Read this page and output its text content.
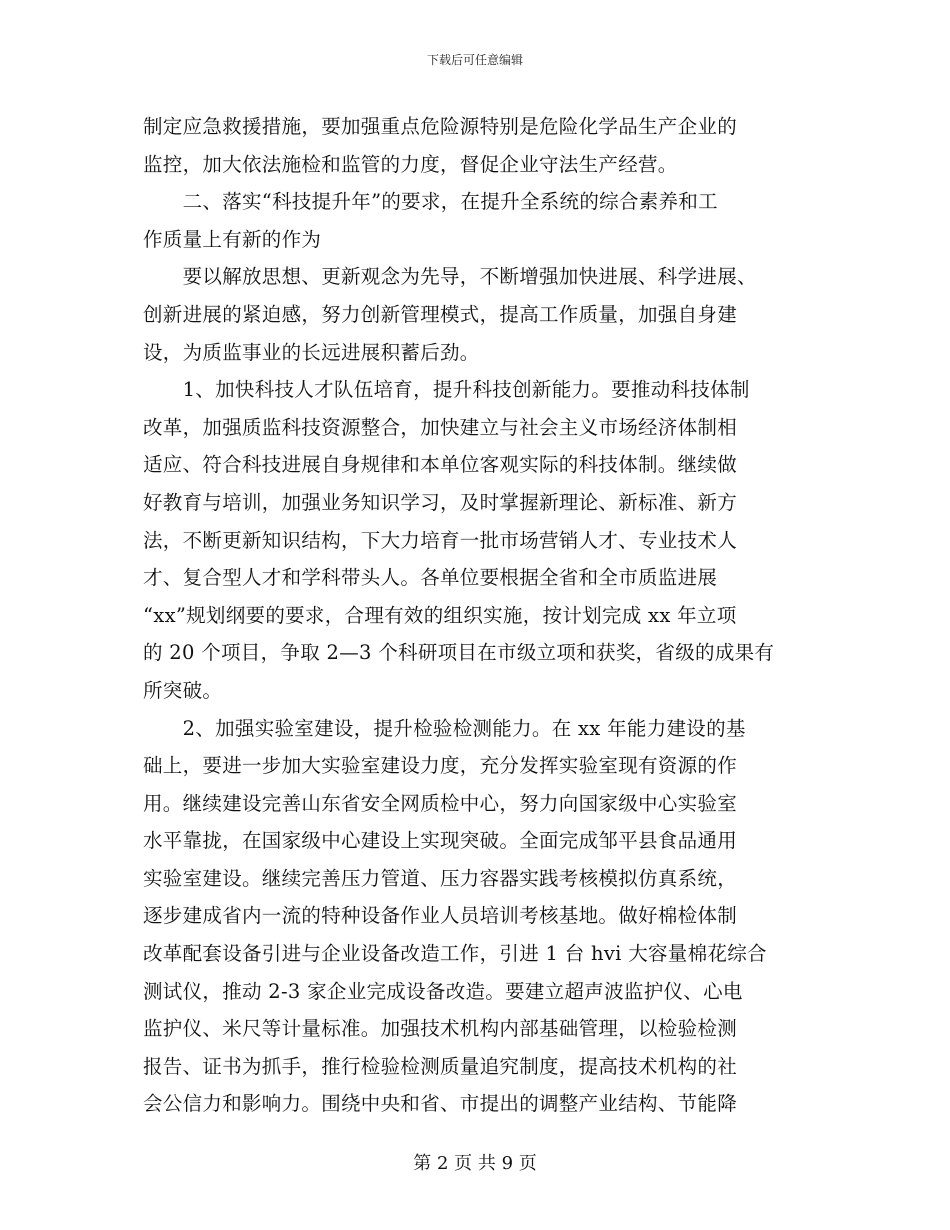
下载后可任意编辑
制定应急救援措施，要加强重点危险源特别是危险化学品生产企业的
监控，加大依法施检和监管的力度，督促企业守法生产经营。
　　二、落实“科技提升年”的要求，在提升全系统的综合素养和工
作质量上有新的作为
　　要以解放思想、更新观念为先导，不断增强加快进展、科学进展、
创新进展的紧迫感，努力创新管理模式，提高工作质量，加强自身建
设，为质监事业的长远进展积蓄后劲。
　　1、加快科技人才队伍培育，提升科技创新能力。要推动科技体制
改革，加强质监科技资源整合，加快建立与社会主义市场经济体制相
适应、符合科技进展自身规律和本单位客观实际的科技体制。继续做
好教育与培训，加强业务知识学习，及时掌握新理论、新标准、新方
法，不断更新知识结构，下大力培育一批市场营销人才、专业技术人
才、复合型人才和学科带头人。各单位要根据全省和全市质监进展
“xx”规划纲要的要求，合理有效的组织实施，按计划完成 xx 年立项
的 20 个项目，争取 2—3 个科研项目在市级立项和获奖，省级的成果有
所突破。
　　2、加强实验室建设，提升检验检测能力。在 xx 年能力建设的基
础上，要进一步加大实验室建设力度，充分发挥实验室现有资源的作
用。继续建设完善山东省安全网质检中心，努力向国家级中心实验室
水平靠拢，在国家级中心建设上实现突破。全面完成邹平县食品通用
实验室建设。继续完善压力管道、压力容器实践考核模拟仿真系统，
逐步建成省内一流的特种设备作业人员培训考核基地。做好棉检体制
改革配套设备引进与企业设备改造工作，引进 1 台 hvi 大容量棉花综合
测试仪，推动 2-3 家企业完成设备改造。要建立超声波监护仪、心电
监护仪、米尺等计量标准。加强技术机构内部基础管理，以检验检测
报告、证书为抓手，推行检验检测质量追究制度，提高技术机构的社
会公信力和影响力。围绕中央和省、市提出的调整产业结构、节能降
第 2 页 共 9 页
